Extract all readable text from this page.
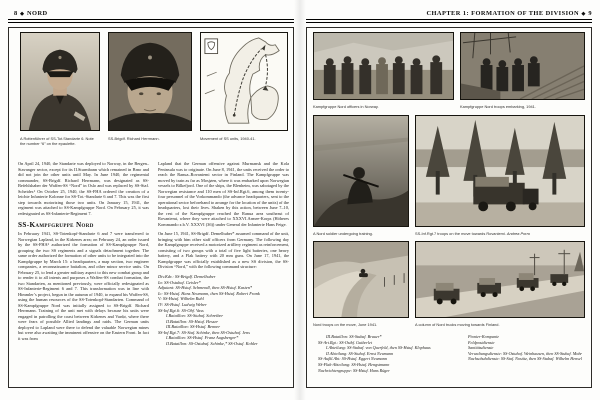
8 ◆ NORD
A Rottenführer of SS-Tot.Standarte 6. Note the number “6” on the epaulette.
SS-Brigdf. Richard Herrmann.	Movement of SS units, 1940-41.

On April 24, 1940, the Standarte was deployed to Norway, in the Bergen–Stavanger sector, except for its II.Sturmbann which remained in Brno and did not join the other units until May. In June 1940, the regimental commander, SS-Brigdf. Richard Herrmann, was designated as SS-Befehlshaber der Waffen-SS “Nord” in Oslo and was replaced by SS-Staf. Scheider.¹ On October 25, 1940, the SS-FHA ordered the creation of a leichte Infanterie Kolonne for SS-Tot.-Standarte 6 and 7. This was the first step towards motorizing those two units. On January 15, 1941, the regiment was attached to SS-Kampfgruppe Nord. On February 25, it was redesignated as SS-Infanterie-Regiment 7.

SS-Kampfgruppe Nord

In February 1941, SS-Totenkopf-Standarte 6 and 7 were transferred to Norwegian Lapland, in the Kirkenes area; on February 24, an order issued by the SS-FHA² authorized the formation of SS-Kampfgruppe Nord, grouping the two SS regiments and a signals detachment together. The same order authorized the formation of other units to be integrated into the Kampfgruppe by March 15: a headquarters, a map section, two engineer companies, a reconnaissance battalion, and other minor service units. On February 25, to lend a greater military aspect to this new combat group and to render it to all intents and purposes a Waffen-SS combat formation, the two Standarten, as mentioned previously, were officially redesignated as SS-Infanterie-Regiment 6 and 7. This transformation was in line with Himmler’s project, begun in the autumn of 1940, to expand his Waffen-SS, using the human resources of the SS-Totenkopf-Standarten. Command of SS-Kampfgruppe Nord was initially assigned to SS-Brigdf. Richard Herrmann. Training of the unit met with delays because his units were engaged in patrolling the coast between Kirkenes and Vardø, where there were fears of possible Allied landings and raids. The German units deployed to Lapland were there to defend the valuable Norwegian mines but were also awaiting the imminent offensive on the Eastern Front. In fact it was from

Lapland that the German offensive against Murmansk and the Kola Peninsula was to originate. On June 8, 1941, the units received the order to reach the Ranua–Rovaniemi sector in Finland. The Kampfgruppe was moved by train as far as Mosjøen, where it was embarked upon Norwegian vessels to Bilkefjord. One of the ships, the Blenheim, was sabotaged by the Norwegian resistance and 110 men of SS-Inf.Rgt.6, among them twenty-four personnel of the Vorkommando (the advance headquarters, sent to the operational sector beforehand to arrange for the location of the units) of the headquarters, lost their lives. Shaken by this action, between June 7–10, the rest of the Kampfgruppe reached the Ranua area southeast of Rovaniemi, where they were attached to XXXVI.Armee-Korps (Höheres Kommando z.b.V. XXXVI (36)) under General der Infanterie Hans Feige.

On June 15, 1941, SS-Brigdf. Demelhuber* assumed command of the unit, bringing with him other staff officers from Germany. The following day the Kampfgruppe received a motorized artillery regiment as reinforcement, consisting of two groups with a total of five light batteries, one heavy battery, and a Flak battery with 20 mm guns. On June 17, 1941, the Kampfgruppe was officially established as a new SS division, the SS-Division “Nord,” with the following command structure:

Div.Kdr.: SS-Brigdf. Demelhuber
Ia: SS-Ostubaf. Geisler*
Adjutant: SS-Hstuf. Schmendl, then SS-Hstuf. Kasten*
Ic: SS-Hstuf. Hans Neumann, then SS-Hstuf. Robert Frank
V: SS-Hstuf. Wilhelm Ruhl
IV: SS-Hstuf. Ludwig Weber
SS-Inf.Rgt.6: SS-Obf. Vass
I.Bataillon: SS-Stubaf. Schreiber
II.Bataillon: SS-Hstuf. Hesser
III.Bataillon: SS-Hstuf. Benner
SS-Inf.Rgt.7: SS-Staf. Schinke, then SS-Ostubaf. Jens
I.Bataillon: SS-Hstuf. Franz Augsberger*
II.Bataillon: SS-Ostubaf. Schinke,* SS-Ostuf. Kohler
CHAPTER 1: FORMATION OF THE DIVISION ◆ 9
Kampfgruppe Nord officers in Norway.	Kampfgruppe Nord troops embarking, 1941.
A Nord soldier undergoing training.	SS-Inf.Rgt.7 troops on the move towards Rovaniemi. Andrea Porro
Nord troops on the move, June 1941.	A column of Nord trucks moving towards Finland.
III.Bataillon: SS-Stubaf. Brauer*
SS-Art.Rgt.: SS-Ostbf. Gutberlet
I.Abteilung: SS-Stubaf. von Querfeld, then SS-Hstuf. Klophaus
II.Abteilung: SS-Stubaf. Ernst Neumann
SS-Aufkl.Abt: SS-Hstuf. Eggert Neumann
SS-Flak-Abteilung: SS-Hstuf. Hengstmann
Nachrichtengruppe: SS-Hstuf. Hans Rüger
Pionier-Kompanie
Feldpostdienste
Sanitätsdienste
Verwaltungsdienste: SS-Ostubaf. Weinhausen, then SS-Stubaf. Mohr
Nachschubdienste: SS-Staf. Nostitz, then SS-Stubaf. Wilhelm Hensel
